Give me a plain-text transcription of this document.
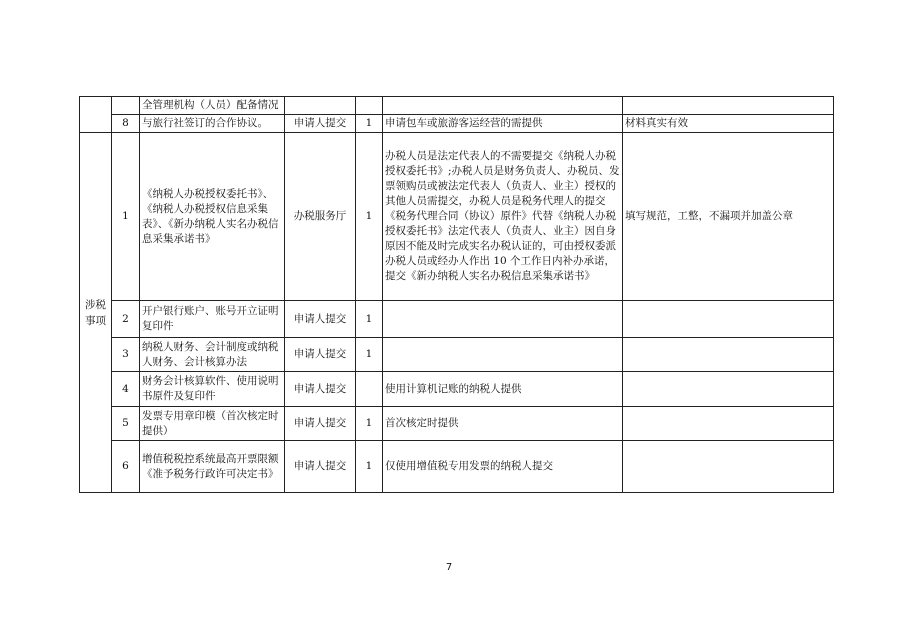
		全管理机构（人员）配备情况				
	8	与旅行社签订的合作协议。	申请人提交	1	申请包车或旅游客运经营的需提供	材料真实有效
涉税事项	1	《纳税人办税授权委托书》、《纳税人办税授权信息采集表》、《新办纳税人实名办税信息采集承诺书》	办税服务厅	1	办税人员是法定代表人的不需要提交《纳税人办税授权委托书》;办税人员是财务负责人、办税员、发票领购员或被法定代表人（负责人、业主）授权的其他人员需提交，办税人员是税务代理人的提交《税务代理合同（协议）原件》代替《纳税人办税授权委托书》法定代表人（负责人、业主）因自身原因不能及时完成实名办税认证的，可由授权委派办税人员或经办人作出 10 个工作日内补办承诺，提交《新办纳税人实名办税信息采集承诺书》	填写规范，工整，不漏项并加盖公章
	2	开户银行账户、账号开立证明复印件	申请人提交	1		
	3	纳税人财务、会计制度或纳税人财务、会计核算办法	申请人提交	1		
	4	财务会计核算软件、使用说明书原件及复印件	申请人提交		使用计算机记账的纳税人提供	
	5	发票专用章印模（首次核定时提供）	申请人提交	1	首次核定时提供	
	6	增值税税控系统最高开票限额《准予税务行政许可决定书》	申请人提交	1	仅使用增值税专用发票的纳税人提交	
7
